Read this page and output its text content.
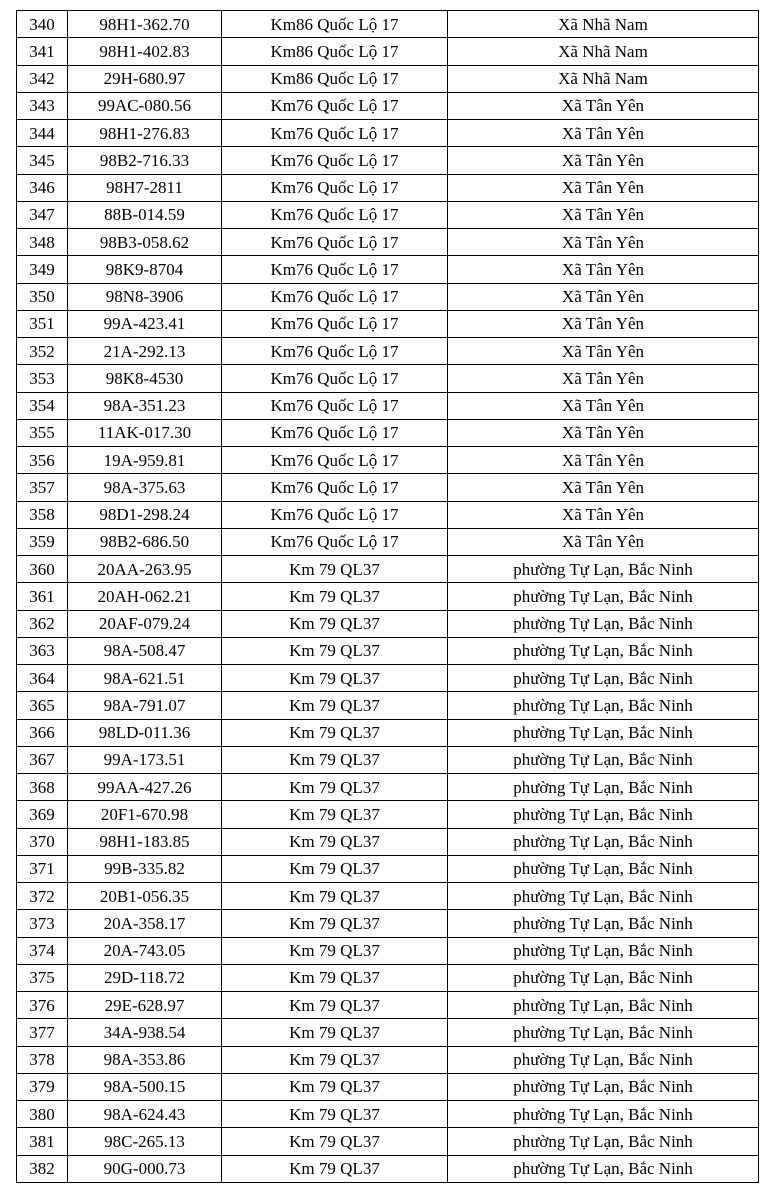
340	98H1-362.70	Km86 Quốc Lộ 17	Xã Nhã Nam
341	98H1-402.83	Km86 Quốc Lộ 17	Xã Nhã Nam
342	29H-680.97	Km86 Quốc Lộ 17	Xã Nhã Nam
343	99AC-080.56	Km76 Quốc Lộ 17	Xã Tân Yên
344	98H1-276.83	Km76 Quốc Lộ 17	Xã Tân Yên
345	98B2-716.33	Km76 Quốc Lộ 17	Xã Tân Yên
346	98H7-2811	Km76 Quốc Lộ 17	Xã Tân Yên
347	88B-014.59	Km76 Quốc Lộ 17	Xã Tân Yên
348	98B3-058.62	Km76 Quốc Lộ 17	Xã Tân Yên
349	98K9-8704	Km76 Quốc Lộ 17	Xã Tân Yên
350	98N8-3906	Km76 Quốc Lộ 17	Xã Tân Yên
351	99A-423.41	Km76 Quốc Lộ 17	Xã Tân Yên
352	21A-292.13	Km76 Quốc Lộ 17	Xã Tân Yên
353	98K8-4530	Km76 Quốc Lộ 17	Xã Tân Yên
354	98A-351.23	Km76 Quốc Lộ 17	Xã Tân Yên
355	11AK-017.30	Km76 Quốc Lộ 17	Xã Tân Yên
356	19A-959.81	Km76 Quốc Lộ 17	Xã Tân Yên
357	98A-375.63	Km76 Quốc Lộ 17	Xã Tân Yên
358	98D1-298.24	Km76 Quốc Lộ 17	Xã Tân Yên
359	98B2-686.50	Km76 Quốc Lộ 17	Xã Tân Yên
360	20AA-263.95	Km 79 QL37	phường Tự Lạn, Bắc Ninh
361	20AH-062.21	Km 79 QL37	phường Tự Lạn, Bắc Ninh
362	20AF-079.24	Km 79 QL37	phường Tự Lạn, Bắc Ninh
363	98A-508.47	Km 79 QL37	phường Tự Lạn, Bắc Ninh
364	98A-621.51	Km 79 QL37	phường Tự Lạn, Bắc Ninh
365	98A-791.07	Km 79 QL37	phường Tự Lạn, Bắc Ninh
366	98LD-011.36	Km 79 QL37	phường Tự Lạn, Bắc Ninh
367	99A-173.51	Km 79 QL37	phường Tự Lạn, Bắc Ninh
368	99AA-427.26	Km 79 QL37	phường Tự Lạn, Bắc Ninh
369	20F1-670.98	Km 79 QL37	phường Tự Lạn, Bắc Ninh
370	98H1-183.85	Km 79 QL37	phường Tự Lạn, Bắc Ninh
371	99B-335.82	Km 79 QL37	phường Tự Lạn, Bắc Ninh
372	20B1-056.35	Km 79 QL37	phường Tự Lạn, Bắc Ninh
373	20A-358.17	Km 79 QL37	phường Tự Lạn, Bắc Ninh
374	20A-743.05	Km 79 QL37	phường Tự Lạn, Bắc Ninh
375	29D-118.72	Km 79 QL37	phường Tự Lạn, Bắc Ninh
376	29E-628.97	Km 79 QL37	phường Tự Lạn, Bắc Ninh
377	34A-938.54	Km 79 QL37	phường Tự Lạn, Bắc Ninh
378	98A-353.86	Km 79 QL37	phường Tự Lạn, Bắc Ninh
379	98A-500.15	Km 79 QL37	phường Tự Lạn, Bắc Ninh
380	98A-624.43	Km 79 QL37	phường Tự Lạn, Bắc Ninh
381	98C-265.13	Km 79 QL37	phường Tự Lạn, Bắc Ninh
382	90G-000.73	Km 79 QL37	phường Tự Lạn, Bắc Ninh
